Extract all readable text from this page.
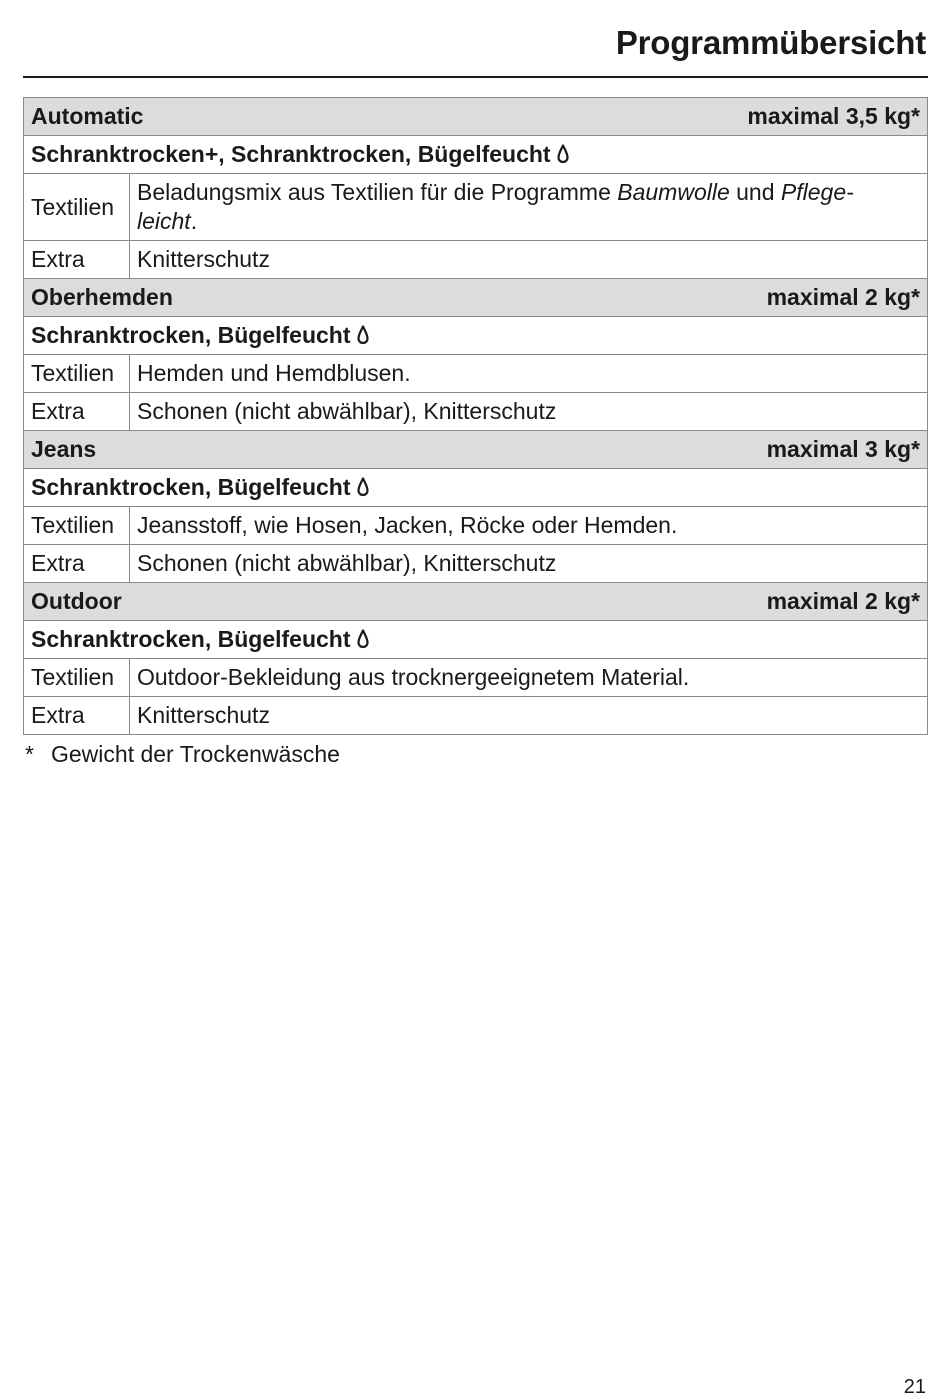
Programmübersicht
Automatic maximal 3,5 kg*	

Schranktrocken+, Schranktrocken, Bügelfeucht	
Textilien	Beladungsmix aus Textilien für die Programme Baumwolle und Pflege-
leicht.
Extra	Knitterschutz

Oberhemden maximal 2 kg*	

Schranktrocken, Bügelfeucht	
Textilien	Hemden und Hemdblusen.
Extra	Schonen (nicht abwählbar), Knitterschutz

Jeans maximal 3 kg*	

Schranktrocken, Bügelfeucht	
Textilien	Jeansstoff, wie Hosen, Jacken, Röcke oder Hemden.
Extra	Schonen (nicht abwählbar), Knitterschutz

Outdoor maximal 2 kg*	

Schranktrocken, Bügelfeucht	
Textilien	Outdoor-Bekleidung aus trocknergeeignetem Material.
Extra	Knitterschutz
* Gewicht der Trockenwäsche
21
